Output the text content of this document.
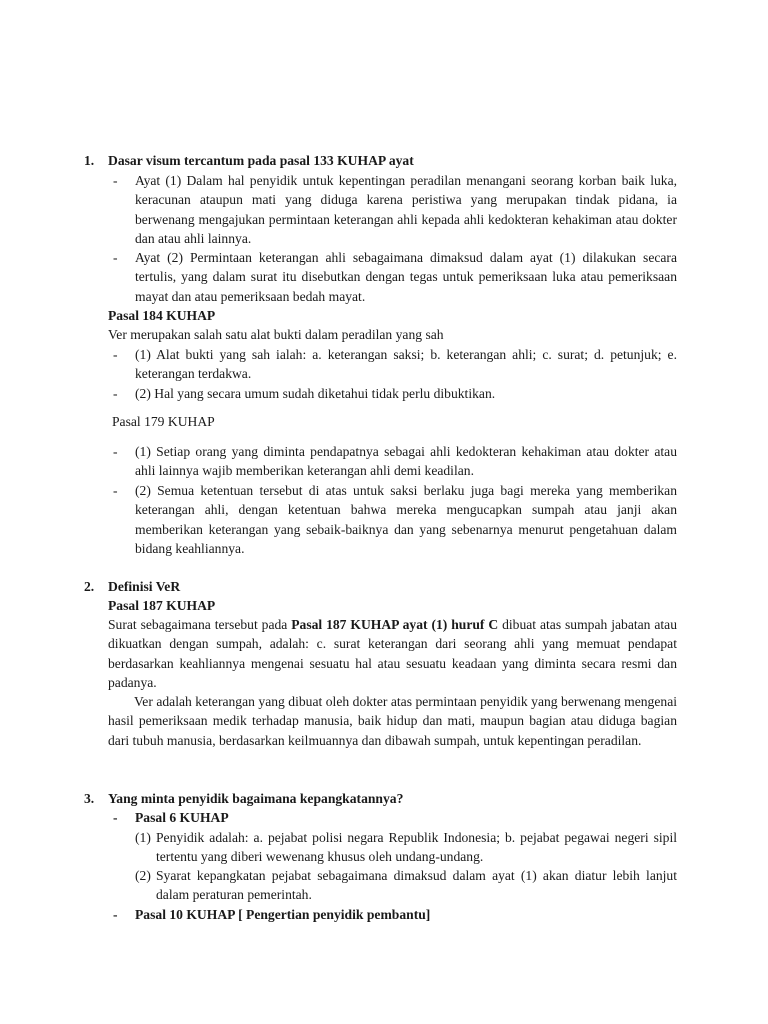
1.	Dasar visum tercantum pada pasal 133 KUHAP ayat
-	Ayat (1) Dalam hal penyidik untuk kepentingan peradilan menangani seorang korban baik luka, keracunan ataupun mati yang diduga karena peristiwa yang merupakan tindak pidana, ia berwenang mengajukan permintaan keterangan ahli kepada ahli kedokteran kehakiman atau dokter dan atau ahli lainnya.
-	Ayat (2) Permintaan keterangan ahli sebagaimana dimaksud dalam ayat (1) dilakukan secara tertulis, yang dalam surat itu disebutkan dengan tegas untuk pemeriksaan luka atau pemeriksaan mayat dan atau pemeriksaan bedah mayat.
Pasal 184 KUHAP
Ver merupakan salah satu alat bukti dalam peradilan yang sah
-	(1) Alat bukti yang sah ialah: a. keterangan saksi; b. keterangan ahli; c. surat; d. petunjuk; e. keterangan terdakwa.
-	(2) Hal yang secara umum sudah diketahui tidak perlu dibuktikan.
Pasal 179 KUHAP
-	(1) Setiap orang yang diminta pendapatnya sebagai ahli kedokteran kehakiman atau dokter atau ahli lainnya wajib memberikan keterangan ahli demi keadilan.
-	(2) Semua ketentuan tersebut di atas untuk saksi berlaku juga bagi mereka yang memberikan keterangan ahli, dengan ketentuan bahwa mereka mengucapkan sumpah atau janji akan memberikan keterangan yang sebaik-baiknya dan yang sebenarnya menurut pengetahuan dalam bidang keahliannya.
2.	Definisi VeR
Pasal 187 KUHAP
Surat sebagaimana tersebut pada Pasal 187 KUHAP ayat (1) huruf C dibuat atas sumpah jabatan atau dikuatkan dengan sumpah, adalah: c. surat keterangan dari seorang ahli yang memuat pendapat berdasarkan keahliannya mengenai sesuatu hal atau sesuatu keadaan yang diminta secara resmi dan padanya.
Ver adalah keterangan yang dibuat oleh dokter atas permintaan penyidik yang berwenang mengenai hasil pemeriksaan medik terhadap manusia, baik hidup dan mati, maupun bagian atau diduga bagian dari tubuh manusia, berdasarkan keilmuannya dan dibawah sumpah, untuk kepentingan peradilan.
3.	Yang minta penyidik bagaimana kepangkatannya?
-	Pasal 6 KUHAP
(1) Penyidik adalah: a. pejabat polisi negara Republik Indonesia; b. pejabat pegawai negeri sipil tertentu yang diberi wewenang khusus oleh undang-undang.
(2) Syarat kepangkatan pejabat sebagaimana dimaksud dalam ayat (1) akan diatur lebih lanjut dalam peraturan pemerintah.
-	Pasal 10 KUHAP [ Pengertian penyidik pembantu]
